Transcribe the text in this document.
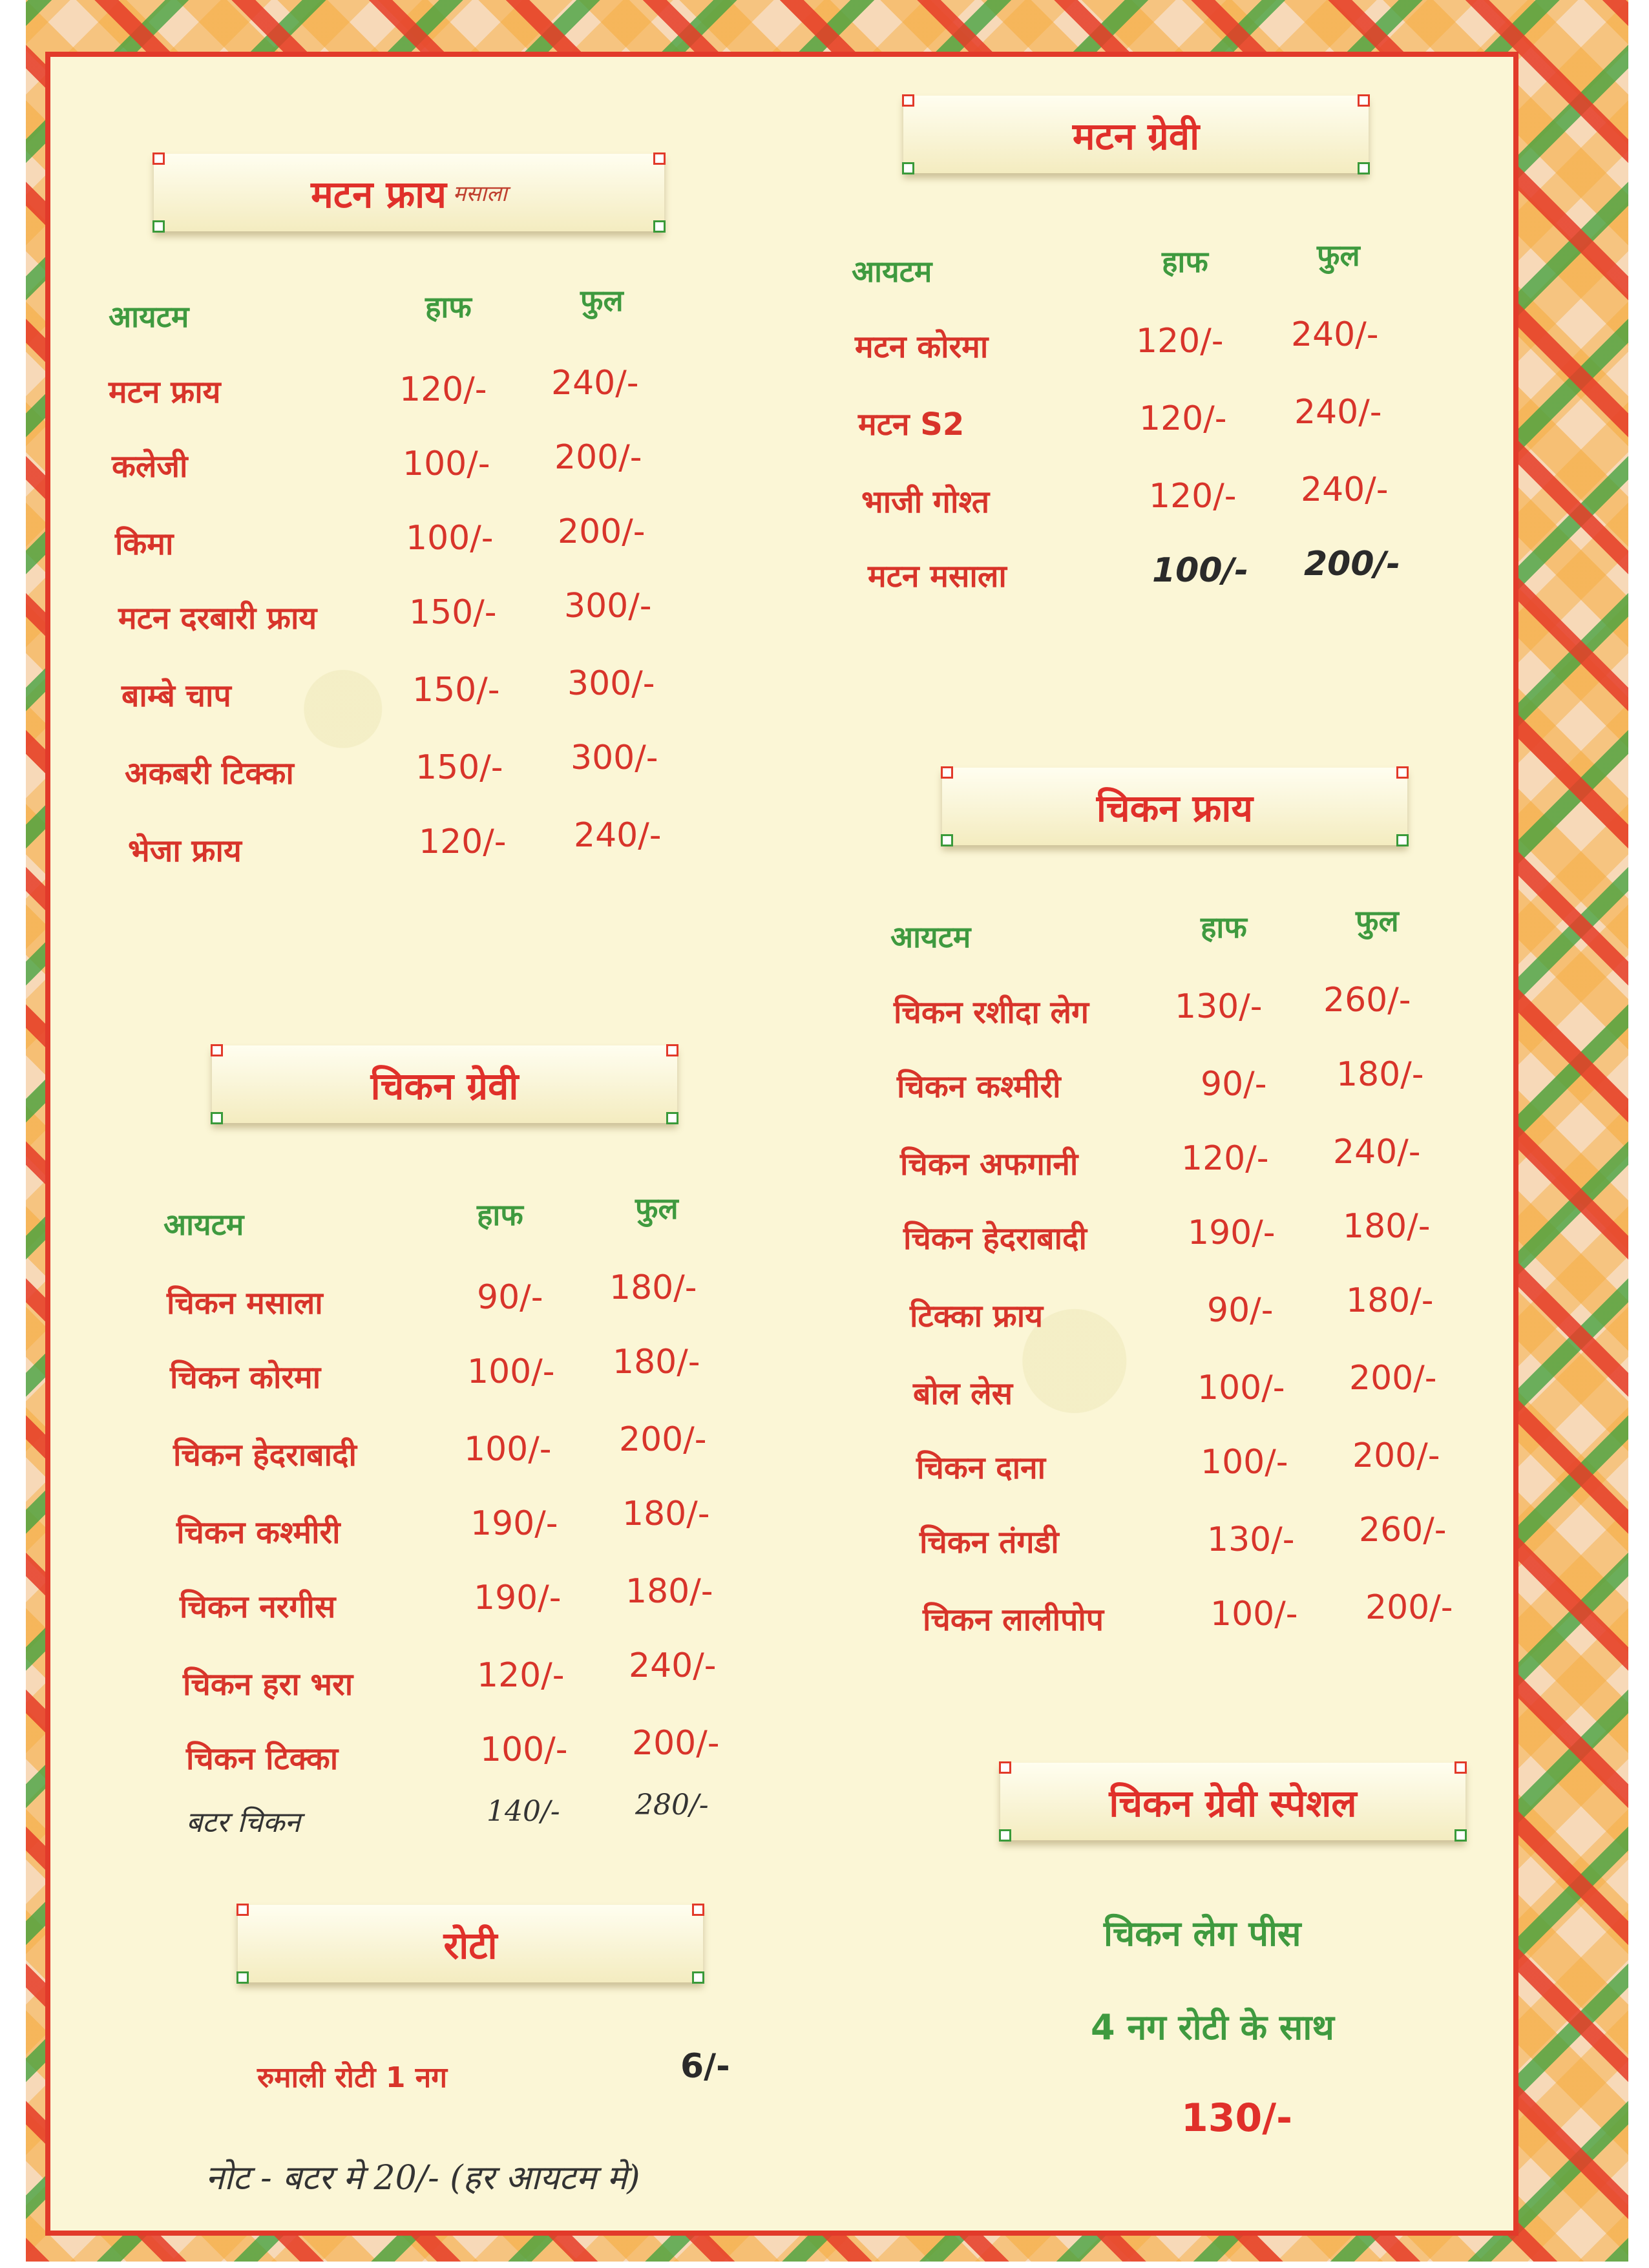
मटन फ्राय मसाला
आयटम	हाफ	फुल
मटन फ्राय	120/- 240/-
कलेजी	100/- 200/-
किमा	100/- 200/-
मटन दरबारी फ्राय	150/- 300/-
बाम्बे चाप	150/- 300/-
अकबरी टिक्का	150/- 300/-
भेजा फ्राय	120/- 240/-
मटन ग्रेवी
आयटम	हाफ	फुल
मटन कोरमा	120/- 240/-
मटन S2	120/- 240/-
भाजी गोश्त	120/- 240/-
मटन मसाला	100/- 200/-
चिकन फ्राय
आयटम	हाफ	फुल
चिकन रशीदा लेग	130/- 260/-
चिकन कश्मीरी	90/- 180/-
चिकन अफगानी	120/- 240/-
चिकन हेदराबादी	190/- 180/-
टिक्का फ्राय	90/- 180/-
बोल लेस	100/- 200/-
चिकन दाना	100/- 200/-
चिकन तंगडी	130/- 260/-
चिकन लालीपोप	100/- 200/-
चिकन ग्रेवी
आयटम	हाफ	फुल
चिकन मसाला	90/- 180/-
चिकन कोरमा	100/- 180/-
चिकन हेदराबादी	100/- 200/-
चिकन कश्मीरी	190/- 180/-
चिकन नरगीस	190/- 180/-
चिकन हरा भरा	120/- 240/-
चिकन टिक्का	100/- 200/-
बटर चिकन	140/-	280/-
रोटी
रुमाली रोटी 1 नग	6/-
चिकन ग्रेवी स्पेशल
चिकन लेग पीस
4 नग रोटी के साथ
130/-
नोट - बटर मे 20/- (हर आयटम मे)
